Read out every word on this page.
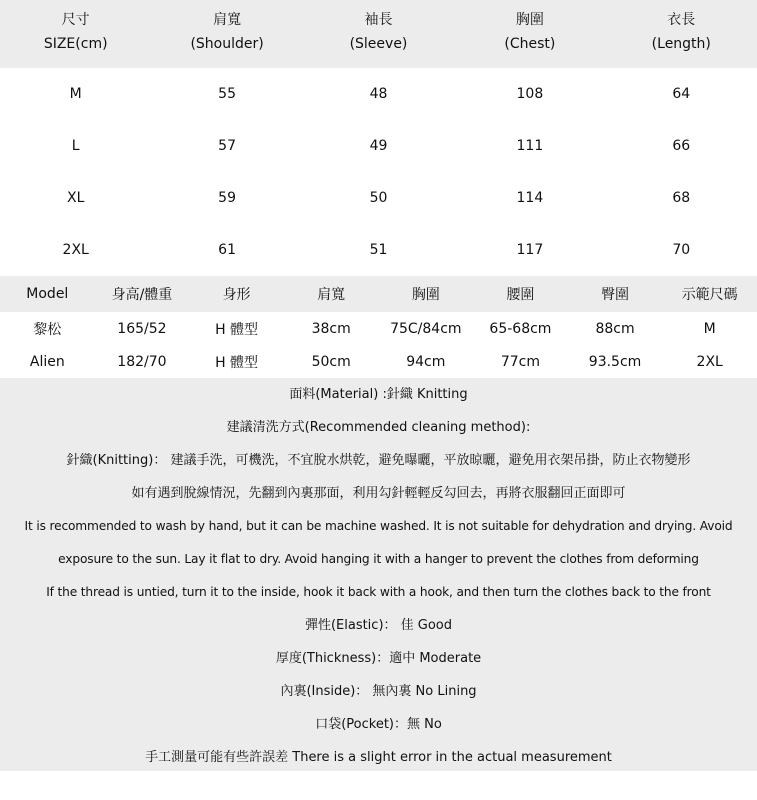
尺寸	肩寬	袖長	胸圍	衣長
SIZE(cm)	(Shoulder)	(Sleeve)	(Chest)	(Length)
M	55	48	108	64
L	57	49	111	66
XL	59	50	114	68
2XL	61	51	117	70
Model	身高/體重	身形	肩寬	胸圍	腰圍	臀圍	示範尺碼
黎松	165/52	H 體型	38cm	75C/84cm	65-68cm	88cm	M
Alien	182/70	H 體型	50cm	94cm	77cm	93.5cm	2XL
面料(Material) :針織 Knitting
建議清洗方式(Recommended cleaning method):
針織(Knitting)： 建議手洗，可機洗，不宜脫水烘乾，避免曝曬，平放晾曬，避免用衣架吊掛，防止衣物變形
如有遇到脫線情況，先翻到內裏那面，利用勾針輕輕反勾回去，再將衣服翻回正面即可
It is recommended to wash by hand, but it can be machine washed. It is not suitable for dehydration and drying. Avoid
exposure to the sun. Lay it flat to dry. Avoid hanging it with a hanger to prevent the clothes from deforming
If the thread is untied, turn it to the inside, hook it back with a hook, and then turn the clothes back to the front
彈性(Elastic)： 佳 Good
厚度(Thickness)：適中 Moderate
內裏(Inside)： 無內裏 No Lining
口袋(Pocket)：無 No
手工測量可能有些許誤差 There is a slight error in the actual measurement
